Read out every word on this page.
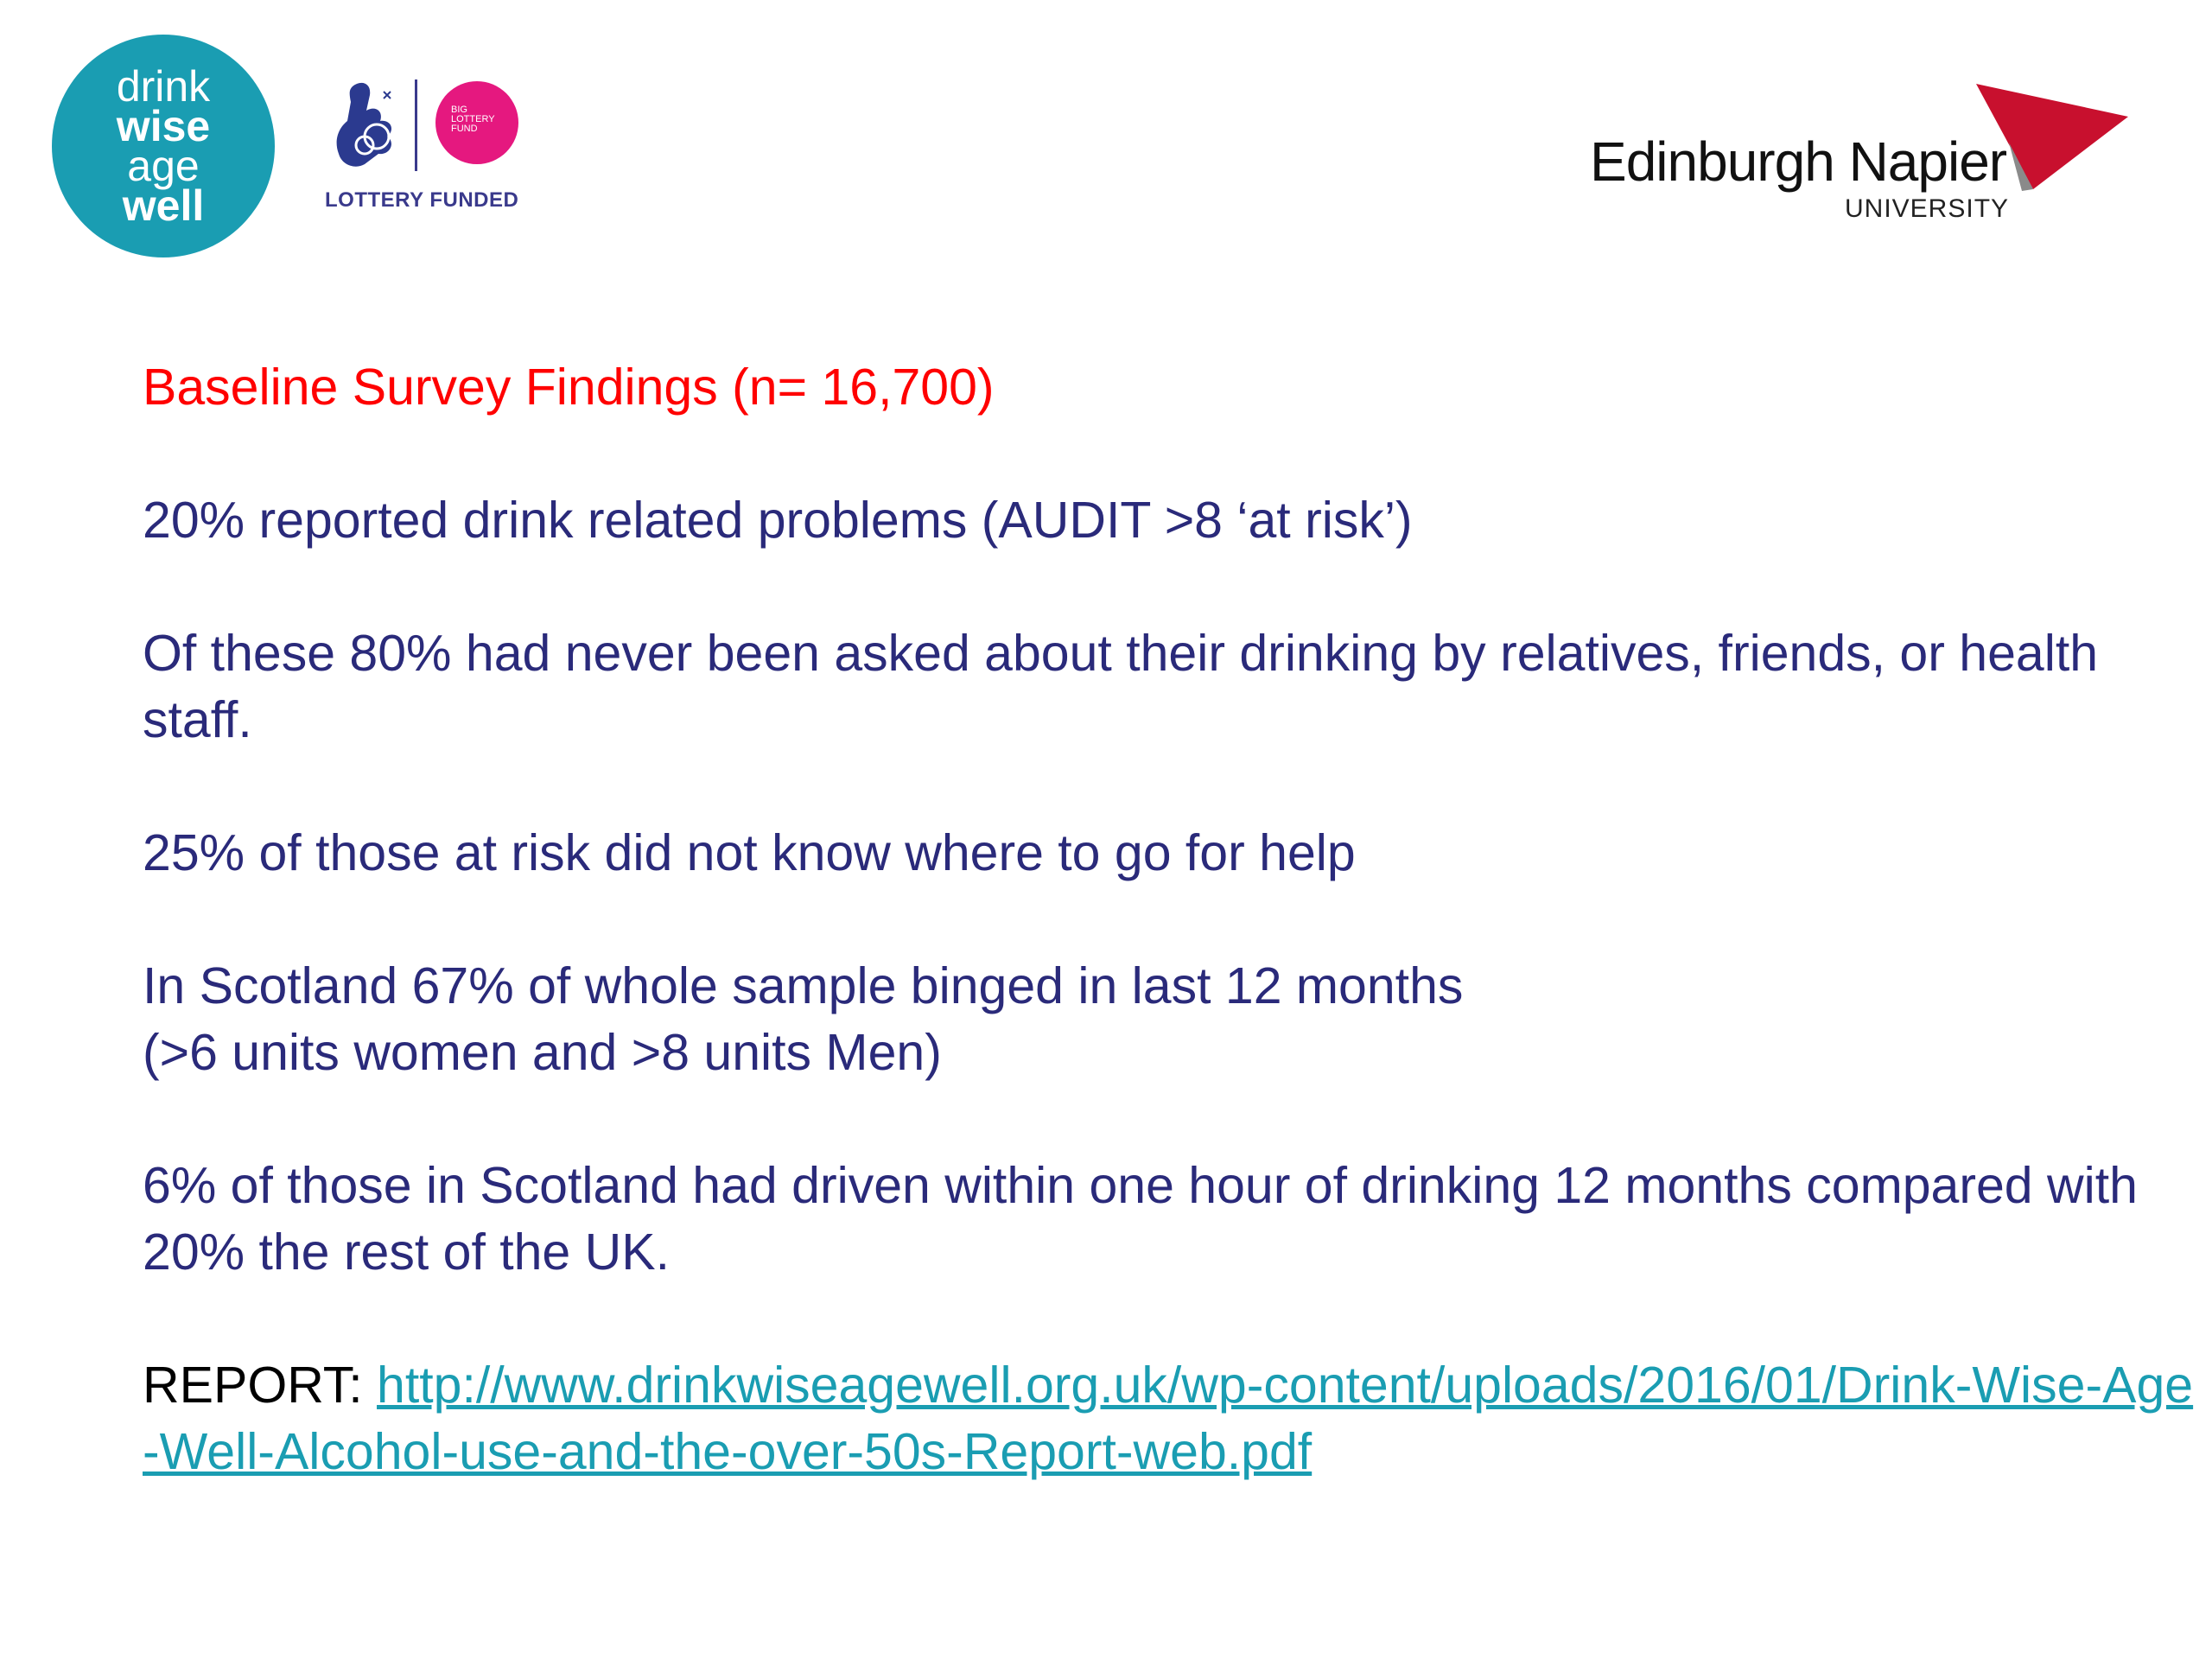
drink
wise
age
well
BIG LOTTERY FUND
LOTTERY FUNDED
Edinburgh Napier
UNIVERSITY

Baseline Survey Findings (n= 16,700)

20% reported drink related problems (AUDIT >8 ‘at risk’)

Of these 80% had never been asked about their drinking by relatives, friends, or health staff.

25% of those at risk did not know where to go for help

In Scotland 67% of whole sample binged in last 12 months

(>6 units women and >8 units Men)

6% of those in Scotland had driven within one hour of drinking 12 months compared with 20% the rest of the UK.

REPORT: http://www.drinkwiseagewell.org.uk/wp-content/uploads/2016/01/Drink-Wise-Age-Well-Alcohol-use-and-the-over-50s-Report-web.pdf
